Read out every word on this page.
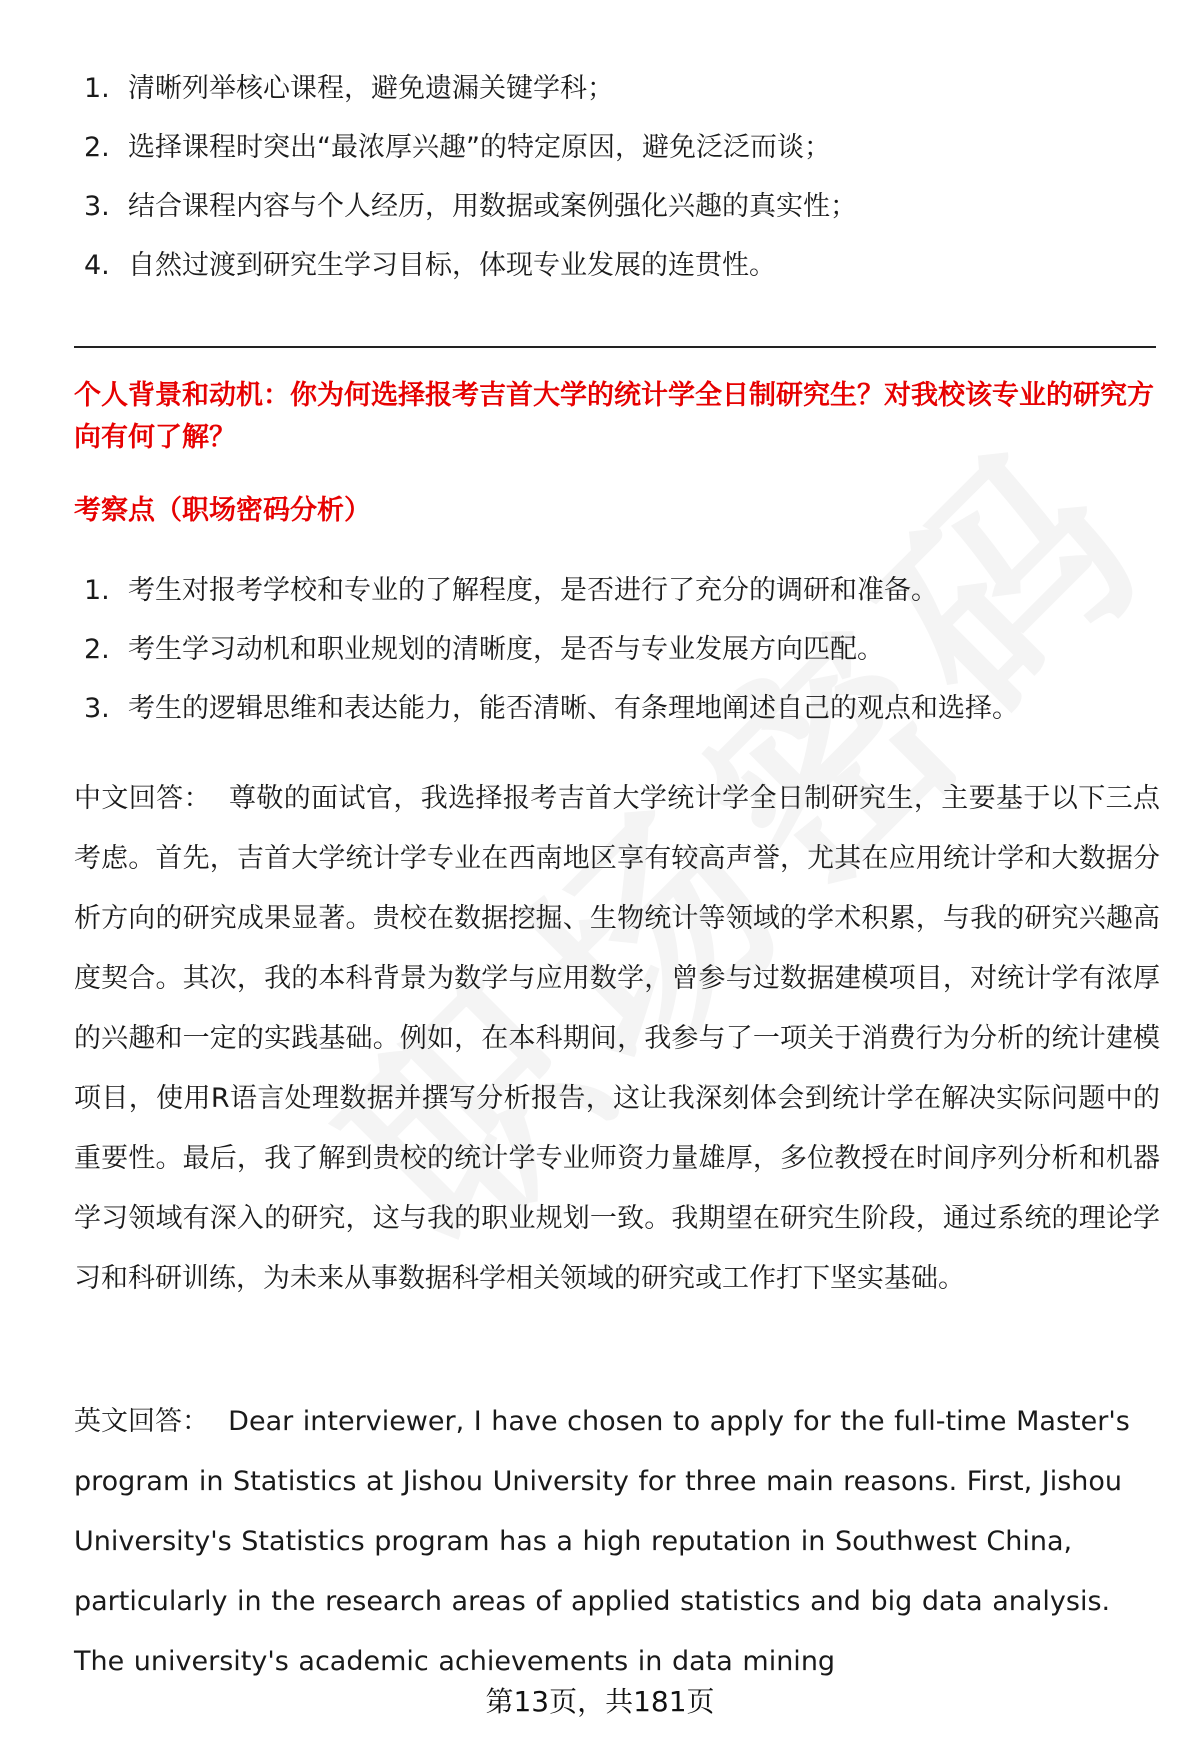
1. 清晰列举核心课程，避免遗漏关键学科；
2. 选择课程时突出“最浓厚兴趣”的特定原因，避免泛泛而谈；
3. 结合课程内容与个人经历，用数据或案例强化兴趣的真实性；
4. 自然过渡到研究生学习目标，体现专业发展的连贯性。
个人背景和动机：你为何选择报考吉首大学的统计学全日制研究生？对我校该专业的研究方向有何了解？
考察点（职场密码分析）
1. 考生对报考学校和专业的了解程度，是否进行了充分的调研和准备。
2. 考生学习动机和职业规划的清晰度，是否与专业发展方向匹配。
3. 考生的逻辑思维和表达能力，能否清晰、有条理地阐述自己的观点和选择。

中文回答： 尊敬的面试官，我选择报考吉首大学统计学全日制研究生，主要基于以下三点考虑。首先，吉首大学统计学专业在西南地区享有较高声誉，尤其在应用统计学和大数据分析方向的研究成果显著。贵校在数据挖掘、生物统计等领域的学术积累，与我的研究兴趣高度契合。其次，我的本科背景为数学与应用数学，曾参与过数据建模项目，对统计学有浓厚的兴趣和一定的实践基础。例如，在本科期间，我参与了一项关于消费行为分析的统计建模项目，使用R语言处理数据并撰写分析报告，这让我深刻体会到统计学在解决实际问题中的重要性。最后，我了解到贵校的统计学专业师资力量雄厚，多位教授在时间序列分析和机器学习领域有深入的研究，这与我的职业规划一致。我期望在研究生阶段，通过系统的理论学习和科研训练，为未来从事数据科学相关领域的研究或工作打下坚实基础。

英文回答： Dear interviewer, I have chosen to apply for the full-time Master's program in Statistics at Jishou University for three main reasons. First, Jishou University's Statistics program has a high reputation in Southwest China, particularly in the research areas of applied statistics and big data analysis. The university's academic achievements in data mining

第13页，共181页
